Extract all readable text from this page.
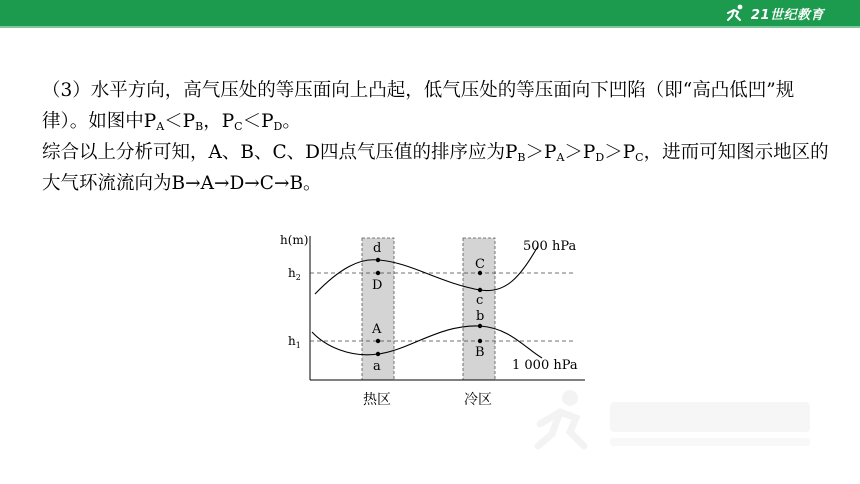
21世纪教育

（3）水平方向，高气压处的等压面向上凸起，低气压处的等压面向下凹陷（即“高凸低凹”规律）。如图中$P_A<P_B$，$P_C<P_D$。

综合以上分析可知，A、B、C、D四点气压值的排序应为$P_B>P_A>P_D>P_C$，进而可知图示地区的大气环流流向为B→A→D→C→B。

h(m)
$h_2$
$h_1$
d
D
A
a
C
c
b
B
500 hPa
1 000 hPa
热区	冷区
